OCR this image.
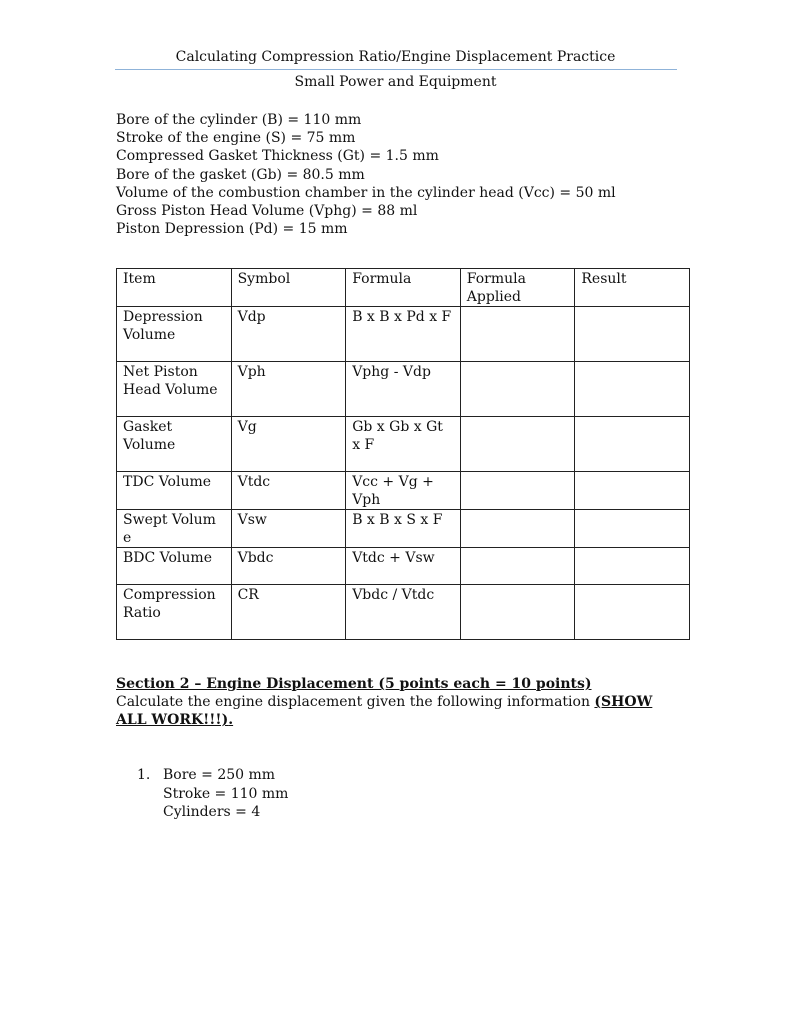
Calculating Compression Ratio/Engine Displacement Practice
Small Power and Equipment
Bore of the cylinder (B) = 110 mm
Stroke of the engine (S) = 75 mm
Compressed Gasket Thickness (Gt) = 1.5 mm
Bore of the gasket (Gb) = 80.5 mm
Volume of the combustion chamber in the cylinder head (Vcc) = 50 ml
Gross Piston Head Volume (Vphg) = 88 ml
Piston Depression (Pd) = 15 mm
Item	Symbol	Formula	Formula Applied	Result
Depression Volume	Vdp	B x B x Pd x F		
Net Piston Head Volume	Vph	Vphg - Vdp		
Gasket Volume	Vg	Gb x Gb x Gt x F		
TDC Volume	Vtdc	Vcc + Vg + Vph		
Swept Volum e	Vsw	B x B x S x F		
BDC Volume	Vbdc	Vtdc + Vsw		
Compression Ratio	CR	Vbdc / Vtdc		
Section 2 – Engine Displacement (5 points each = 10 points)
Calculate the engine displacement given the following information (SHOW ALL WORK!!!).
1. Bore = 250 mm
Stroke = 110 mm
Cylinders = 4
